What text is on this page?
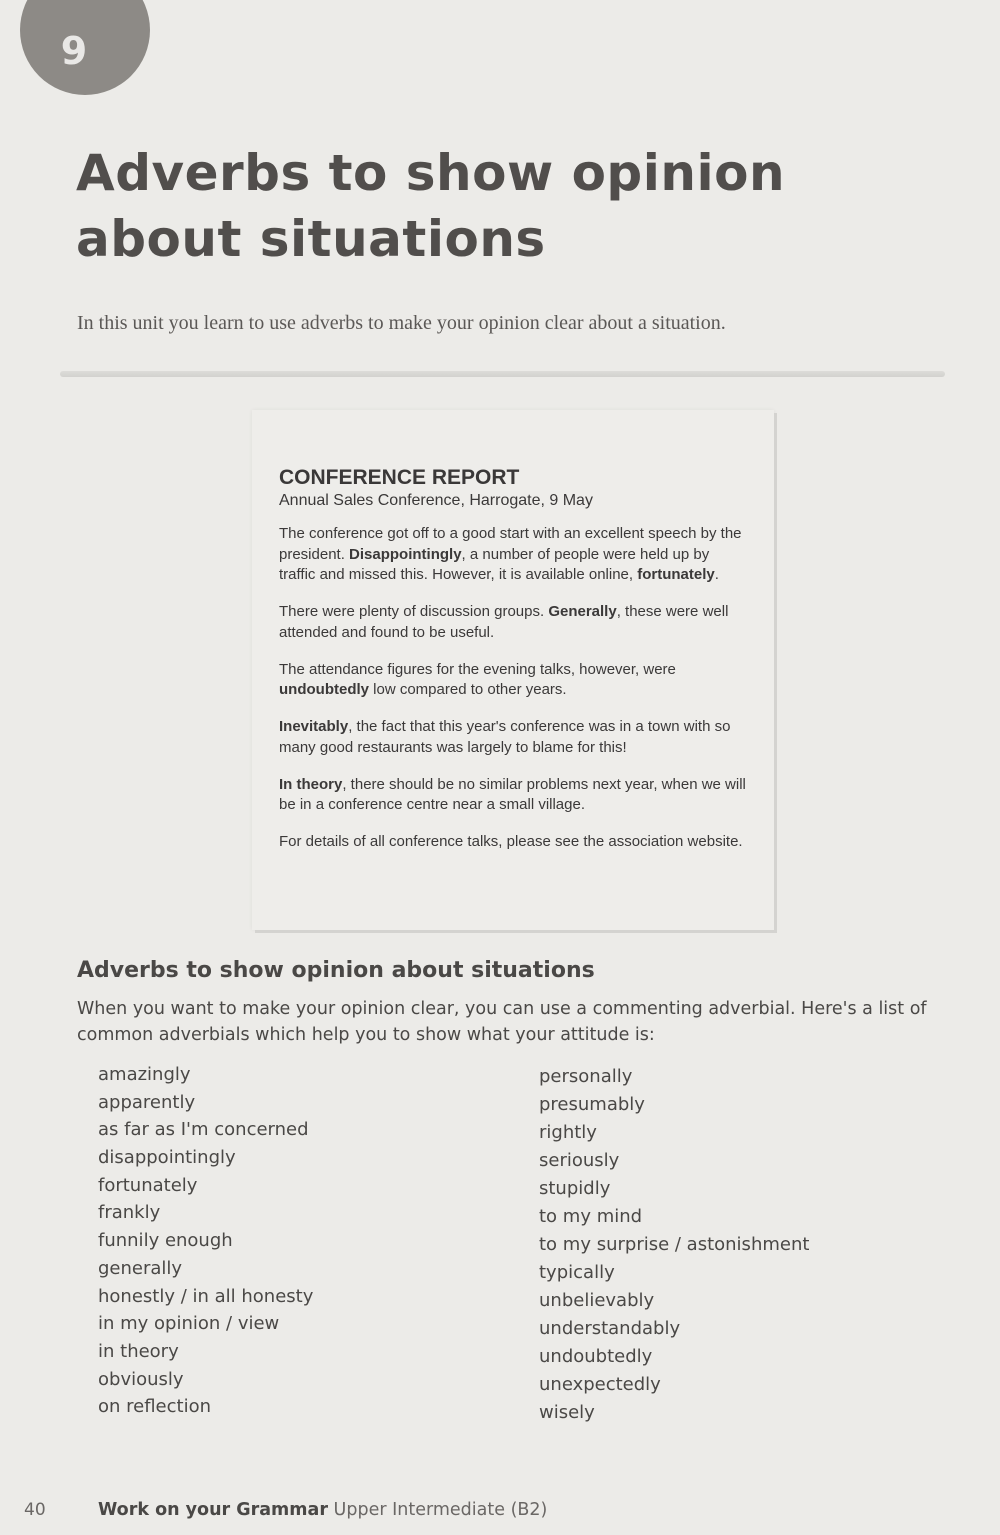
9
Adverbs to show opinion about situations

In this unit you learn to use adverbs to make your opinion clear about a situation.

CONFERENCE REPORT
Annual Sales Conference, Harrogate, 9 May

The conference got off to a good start with an excellent speech by the president. Disappointingly, a number of people were held up by traffic and missed this. However, it is available online, fortunately.

There were plenty of discussion groups. Generally, these were well attended and found to be useful.

The attendance figures for the evening talks, however, were undoubtedly low compared to other years.

Inevitably, the fact that this year's conference was in a town with so many good restaurants was largely to blame for this!

In theory, there should be no similar problems next year, when we will be in a conference centre near a small village.

For details of all conference talks, please see the association website.

Adverbs to show opinion about situations

When you want to make your opinion clear, you can use a commenting adverbial. Here's a list of common adverbials which help you to show what your attitude is:

amazingly
apparently
as far as I'm concerned
disappointingly
fortunately
frankly
funnily enough
generally
honestly / in all honesty
in my opinion / view
in theory
obviously
on reflection
personally
presumably
rightly
seriously
stupidly
to my mind
to my surprise / astonishment
typically
unbelievably
understandably
undoubtedly
unexpectedly
wisely
40	Work on your Grammar Upper Intermediate (B2)
